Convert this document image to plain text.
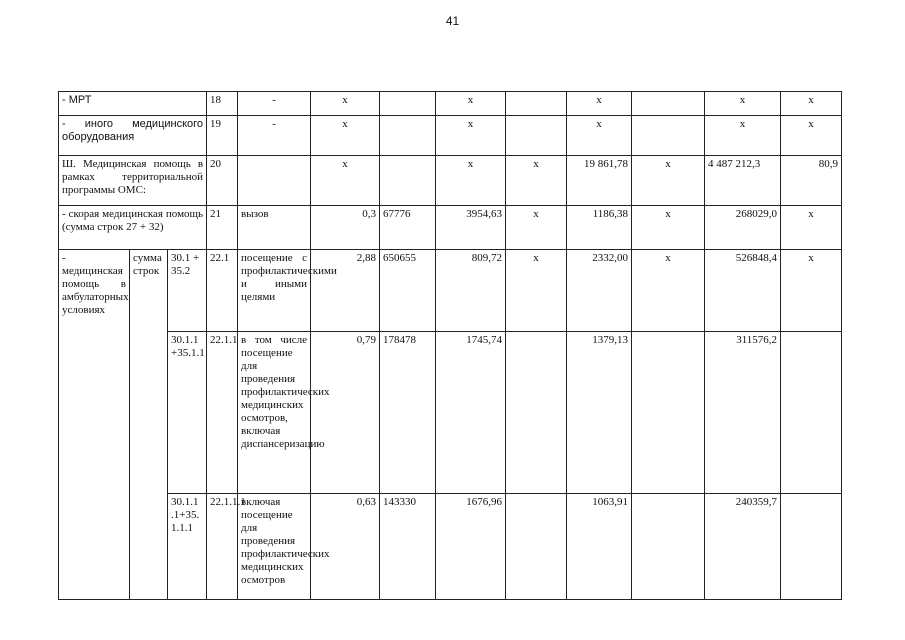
41
- МРТ			18	-	х		х		х		х	х
- иного медицинского оборудования			19	-	х		х		х		х	х
Ш. Медицинская помощь в рамках территориальной программы ОМС:			20		х		х	х	19 861,78	х	4 487 212,3	80,9
- скорая медицинская помощь (сумма строк 27 + 32)			21	вызов	0,3	67776	3954,63	х	1186,38	х	268029,0	х
- медицинская помощь в амбулаторных условиях	сумма строк	30.1 + 35.2	22.1	посещение с профилактическими и иными целями	2,88	650655	809,72	х	2332,00	х	526848,4	х
		30.1.1 +35.1.1	22.1.1	в том числе посещение для проведения профилактических медицинских осмотров, включая диспансеризацию	0,79	178478	1745,74		1379,13		311576,2	
		30.1.1 .1+35. 1.1.1	22.1.1.1	включая посещение для проведения профилактических медицинских осмотров	0,63	143330	1676,96		1063,91		240359,7	
